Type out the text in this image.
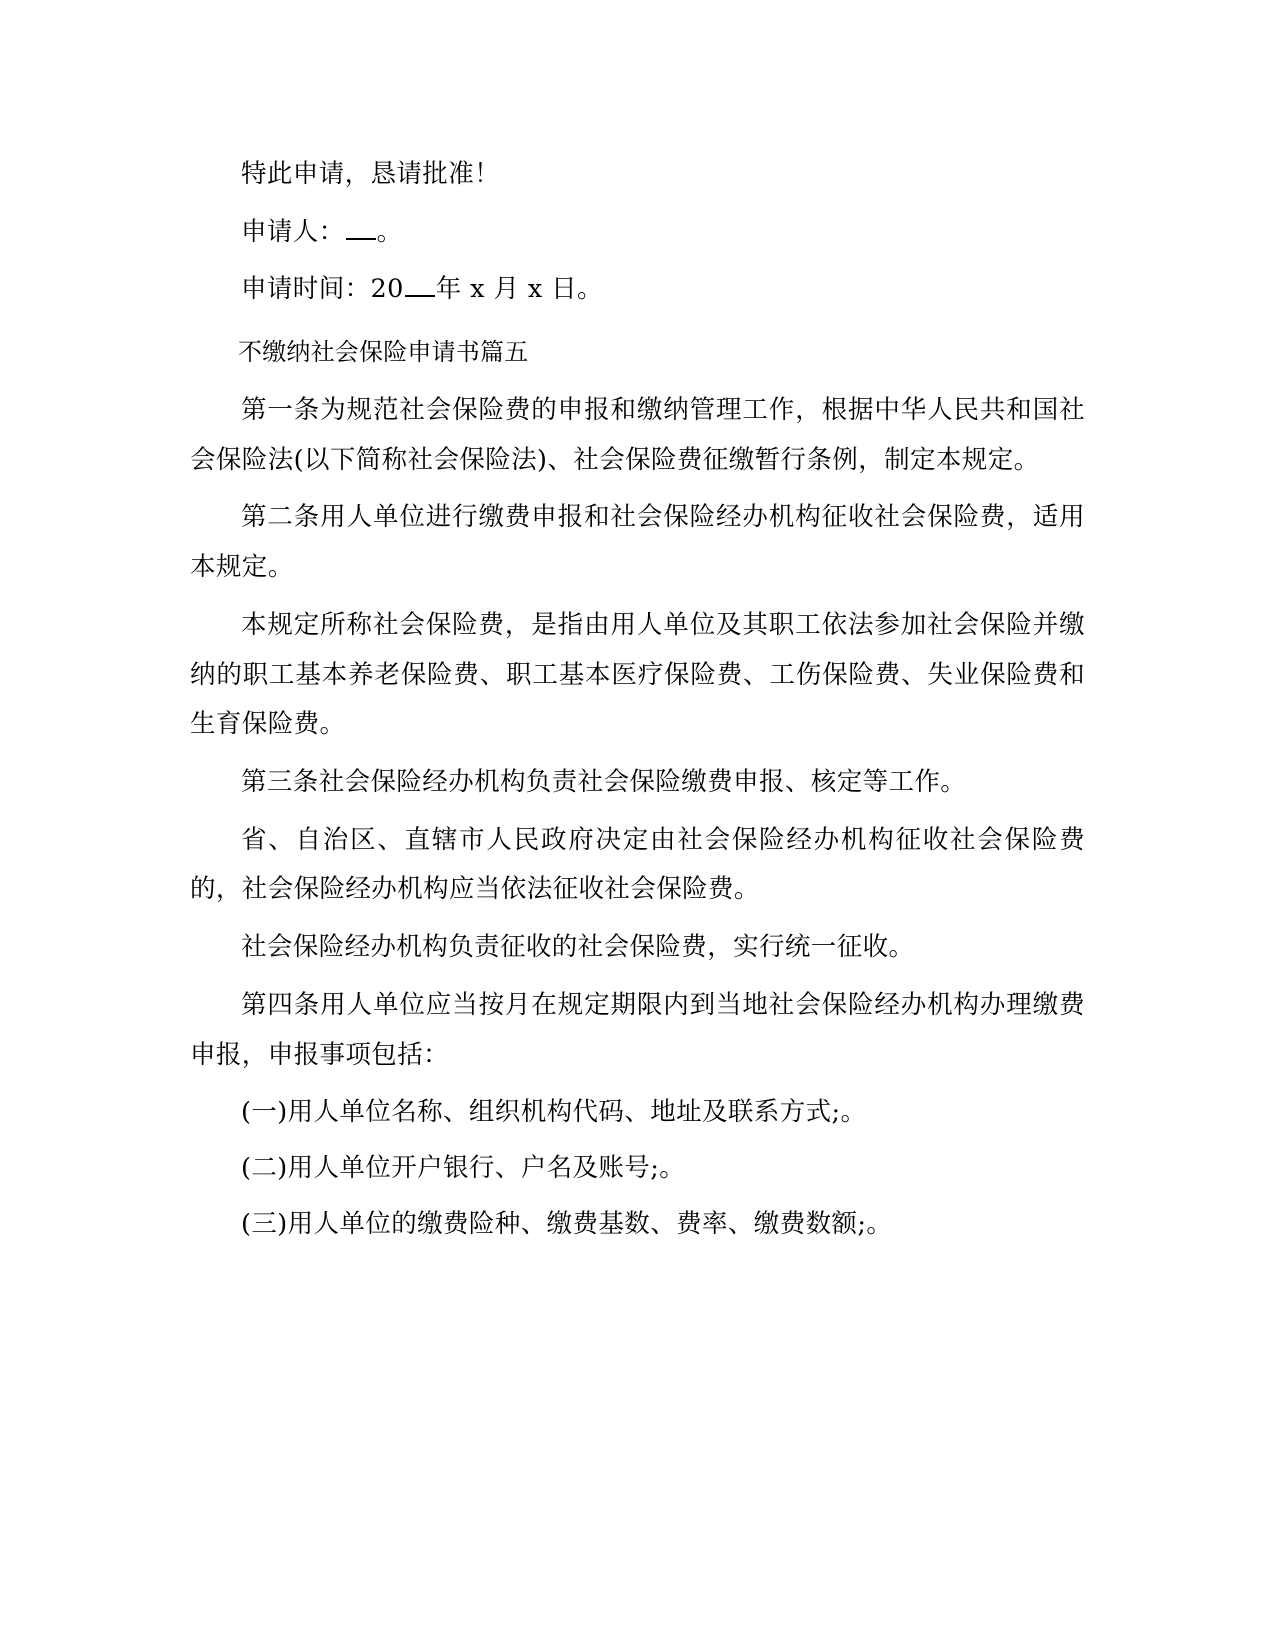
特此申请，恳请批准！

申请人： 。

申请时间：20 年 x 月 x 日。

不缴纳社会保险申请书篇五

第一条为规范社会保险费的申报和缴纳管理工作，根据中华人民共和国社会保险法(以下简称社会保险法)、社会保险费征缴暂行条例，制定本规定。

第二条用人单位进行缴费申报和社会保险经办机构征收社会保险费，适用本规定。

本规定所称社会保险费，是指由用人单位及其职工依法参加社会保险并缴纳的职工基本养老保险费、职工基本医疗保险费、工伤保险费、失业保险费和生育保险费。

第三条社会保险经办机构负责社会保险缴费申报、核定等工作。

省、自治区、直辖市人民政府决定由社会保险经办机构征收社会保险费的，社会保险经办机构应当依法征收社会保险费。

社会保险经办机构负责征收的社会保险费，实行统一征收。

第四条用人单位应当按月在规定期限内到当地社会保险经办机构办理缴费申报，申报事项包括：

(一)用人单位名称、组织机构代码、地址及联系方式;。

(二)用人单位开户银行、户名及账号;。

(三)用人单位的缴费险种、缴费基数、费率、缴费数额;。
